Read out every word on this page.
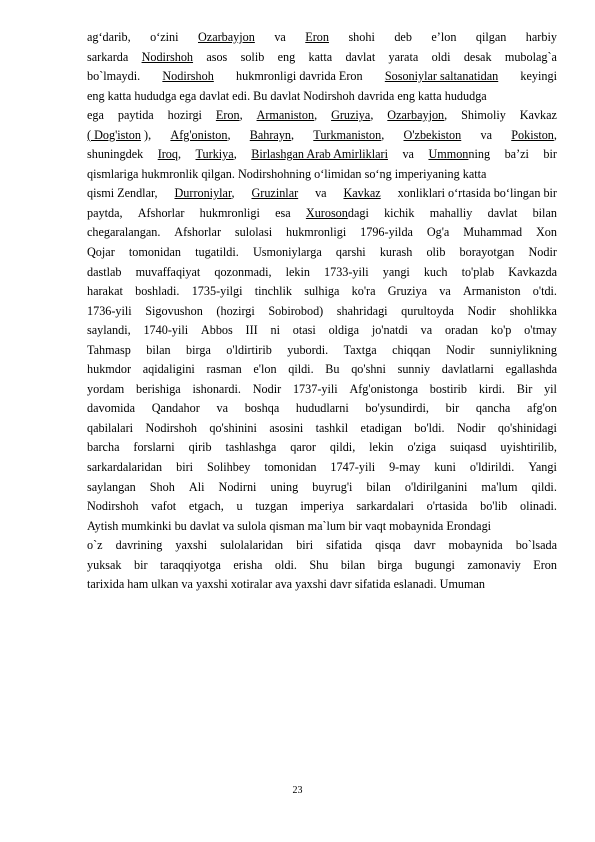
ag‘darib, o‘zini Ozarbayjon va Eron shohi deb e’lon qilgan harbiy
sarkarda Nodirshoh asos solib eng katta davlat yarata oldi desak mubolag`a
bo`lmaydi. Nodirshoh hukmronligi davrida Eron Sosoniylar saltanatidan keyingi
eng katta hududga ega davlat edi. Bu davlat Nodirshoh davrida eng katta hududga
ega paytida hozirgi Eron, Armaniston, Gruziya, Ozarbayjon, Shimoliy Kavkaz
( Dog'iston ), Afg'oniston, Bahrayn, Turkmaniston, O'zbekiston va Pokiston,
shuningdek Iroq, Turkiya, Birlashgan Arab Amirliklari va Ummonning ba’zi bir
qismlariga hukmronlik qilgan. Nodirshohning o‘limidan so‘ng imperiyaning katta
qismi Zendlar, Durroniylar, Gruzinlar va Kavkaz xonliklari o‘rtasida bo‘lingan bir
paytda, Afshorlar hukmronligi esa Xurosondagi kichik mahalliy davlat bilan
chegaralangan. Afshorlar sulolasi hukmronligi 1796-yilda Og'a Muhammad Xon
Qojar tomonidan tugatildi. Usmoniylarga qarshi kurash olib borayotgan Nodir
dastlab muvaffaqiyat qozonmadi, lekin 1733-yili yangi kuch to'plab Kavkazda
harakat boshladi. 1735-yilgi tinchlik sulhiga ko'ra Gruziya va Armaniston o'tdi.
1736-yili Sigovushon (hozirgi Sobirobod) shahridagi qurultoyda Nodir shohlikka
saylandi, 1740-yili Abbos III ni otasi oldiga jo'natdi va oradan ko'p o'tmay
Tahmasp bilan birga o'ldirtirib yubordi. Taxtga chiqqan Nodir sunniylikning
hukmdor aqidaligini rasman e'lon qildi. Bu qo'shni sunniy davlatlarni egallashda
yordam berishiga ishonardi. Nodir 1737-yili Afg'onistonga bostirib kirdi. Bir yil
davomida Qandahor va boshqa hududlarni bo'ysundirdi, bir qancha afg'on
qabilalari Nodirshoh qo'shinini asosini tashkil etadigan bo'ldi. Nodir qo'shinidagi
barcha forslarni qirib tashlashga qaror qildi, lekin o'ziga suiqasd uyishtirilib,
sarkardalaridan biri Solihbey tomonidan 1747-yili 9-may kuni o'ldirildi. Yangi
saylangan Shoh Ali Nodirni uning buyrug'i bilan o'ldirilganini ma'lum qildi.
Nodirshoh vafot etgach, u tuzgan imperiya sarkardalari o'rtasida bo'lib olinadi.
Aytish mumkinki bu davlat va sulola qisman ma`lum bir vaqt mobaynida Erondagi
o`z davrining yaxshi sulolalaridan biri sifatida qisqa davr mobaynida bo`lsada
yuksak bir taraqqiyotga erisha oldi. Shu bilan birga bugungi zamonaviy Eron
tarixida ham ulkan va yaxshi xotiralar ava yaxshi davr sifatida eslanadi. Umuman
23
